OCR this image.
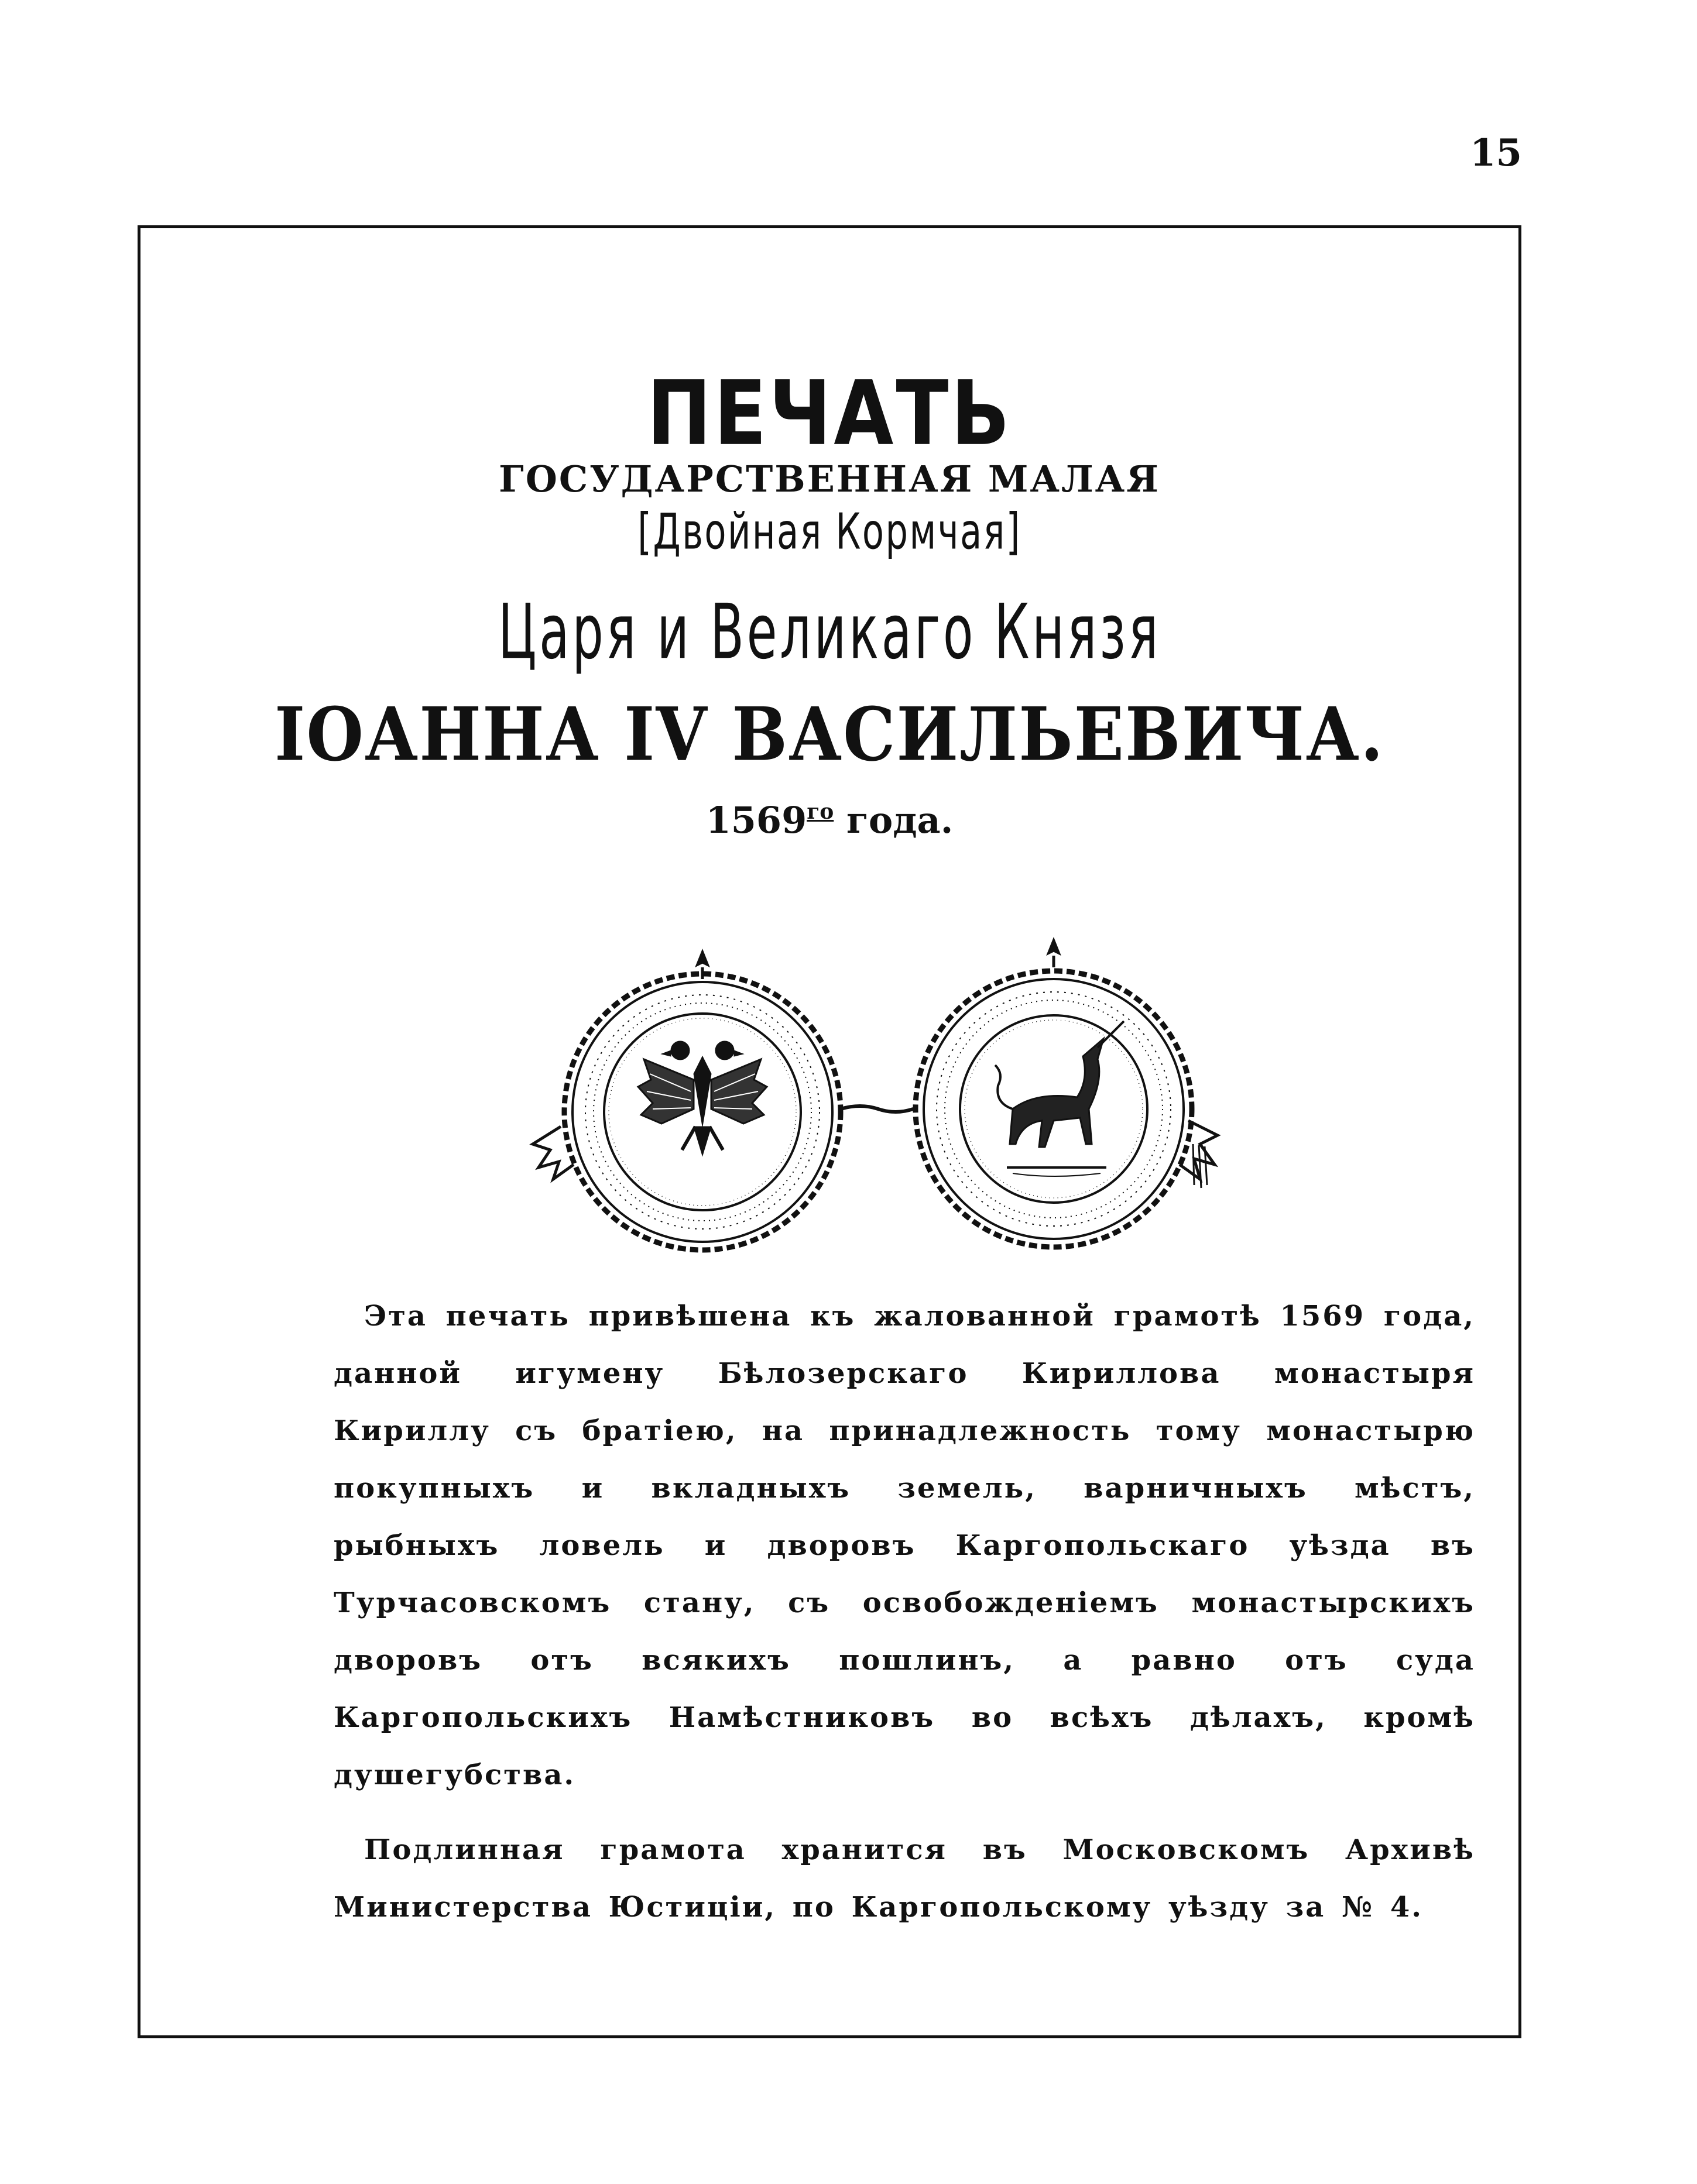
15
ПЕЧАТЬ
ГОСУДАРСТВЕННАЯ МАЛАЯ
[Двойная Кормчая]
Царя и Великаго Князя
ІОАННА IV ВАСИЛЬЕВИЧА.
$1569^{го}$ года.

Эта печать привѣшена къ жалованной грамотѣ 1569 года, данной игумену Бѣлозерскаго Кириллова монастыря Кириллу съ братіею, на принадлежность тому монастырю покупныхъ и вкладныхъ земель, варничныхъ мѣстъ, рыбныхъ ловель и дворовъ Каргопольскаго уѣзда въ Турчасовскомъ стану, съ освобожденіемъ монастырскихъ дворовъ отъ всякихъ пошлинъ, а равно отъ суда Каргопольскихъ Намѣстниковъ во всѣхъ дѣлахъ, кромѣ душегубства.

Подлинная грамота хранится въ Московскомъ Архивѣ Министерства Юстиціи, по Каргопольскому уѣзду за № 4.
